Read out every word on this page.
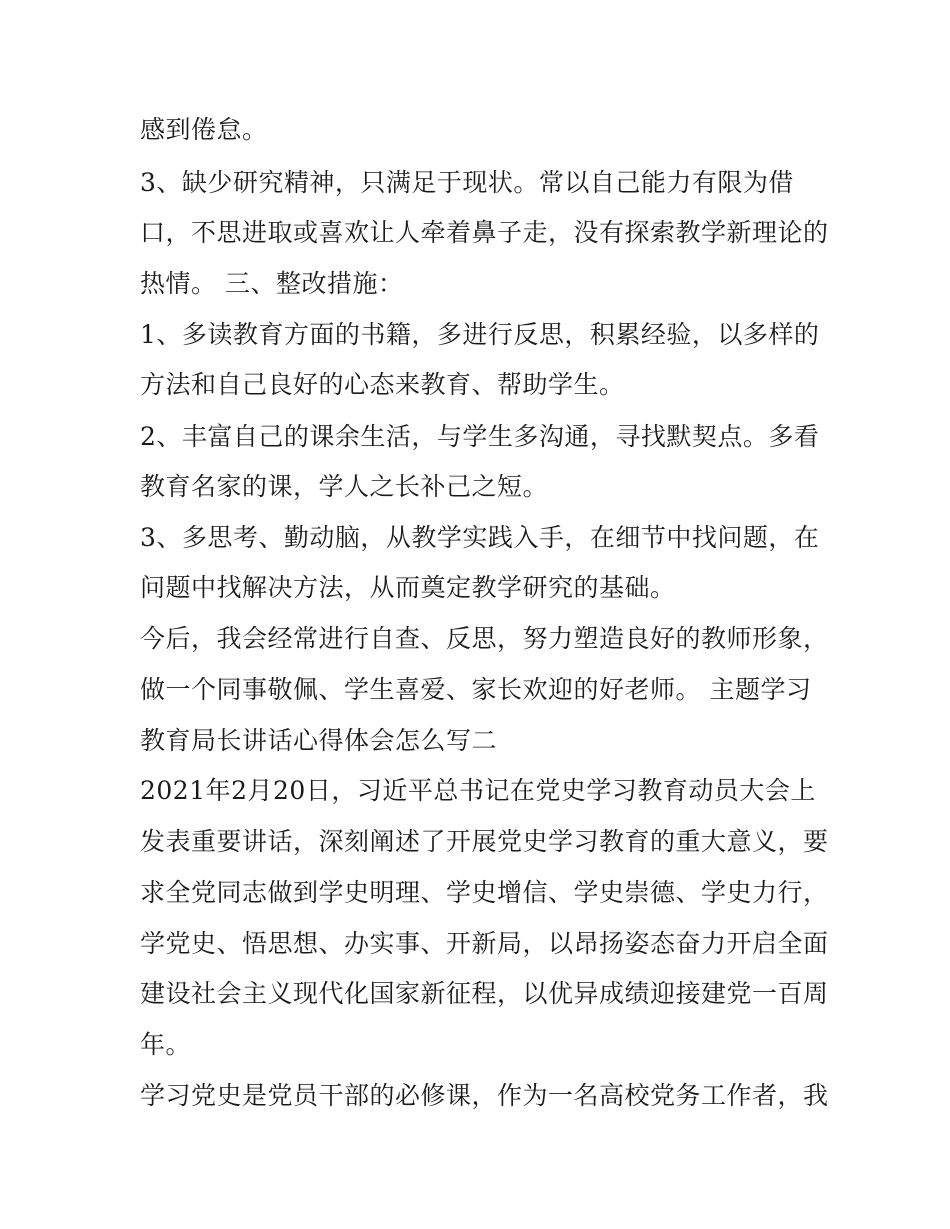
感到倦怠。
3、缺少研究精神，只满足于现状。常以自己能力有限为借
口，不思进取或喜欢让人牵着鼻子走，没有探索教学新理论的
热情。 三、整改措施：
1、多读教育方面的书籍，多进行反思，积累经验，以多样的
方法和自己良好的心态来教育、帮助学生。
2、丰富自己的课余生活，与学生多沟通，寻找默契点。多看
教育名家的课，学人之长补己之短。
3、多思考、勤动脑，从教学实践入手，在细节中找问题，在
问题中找解决方法，从而奠定教学研究的基础。
今后，我会经常进行自查、反思，努力塑造良好的教师形象，
做一个同事敬佩、学生喜爱、家长欢迎的好老师。 主题学习
教育局长讲话心得体会怎么写二
2021年2月20日，习近平总书记在党史学习教育动员大会上
发表重要讲话，深刻阐述了开展党史学习教育的重大意义，要
求全党同志做到学史明理、学史增信、学史崇德、学史力行，
学党史、悟思想、办实事、开新局，以昂扬姿态奋力开启全面
建设社会主义现代化国家新征程，以优异成绩迎接建党一百周
年。
学习党史是党员干部的必修课，作为一名高校党务工作者，我
